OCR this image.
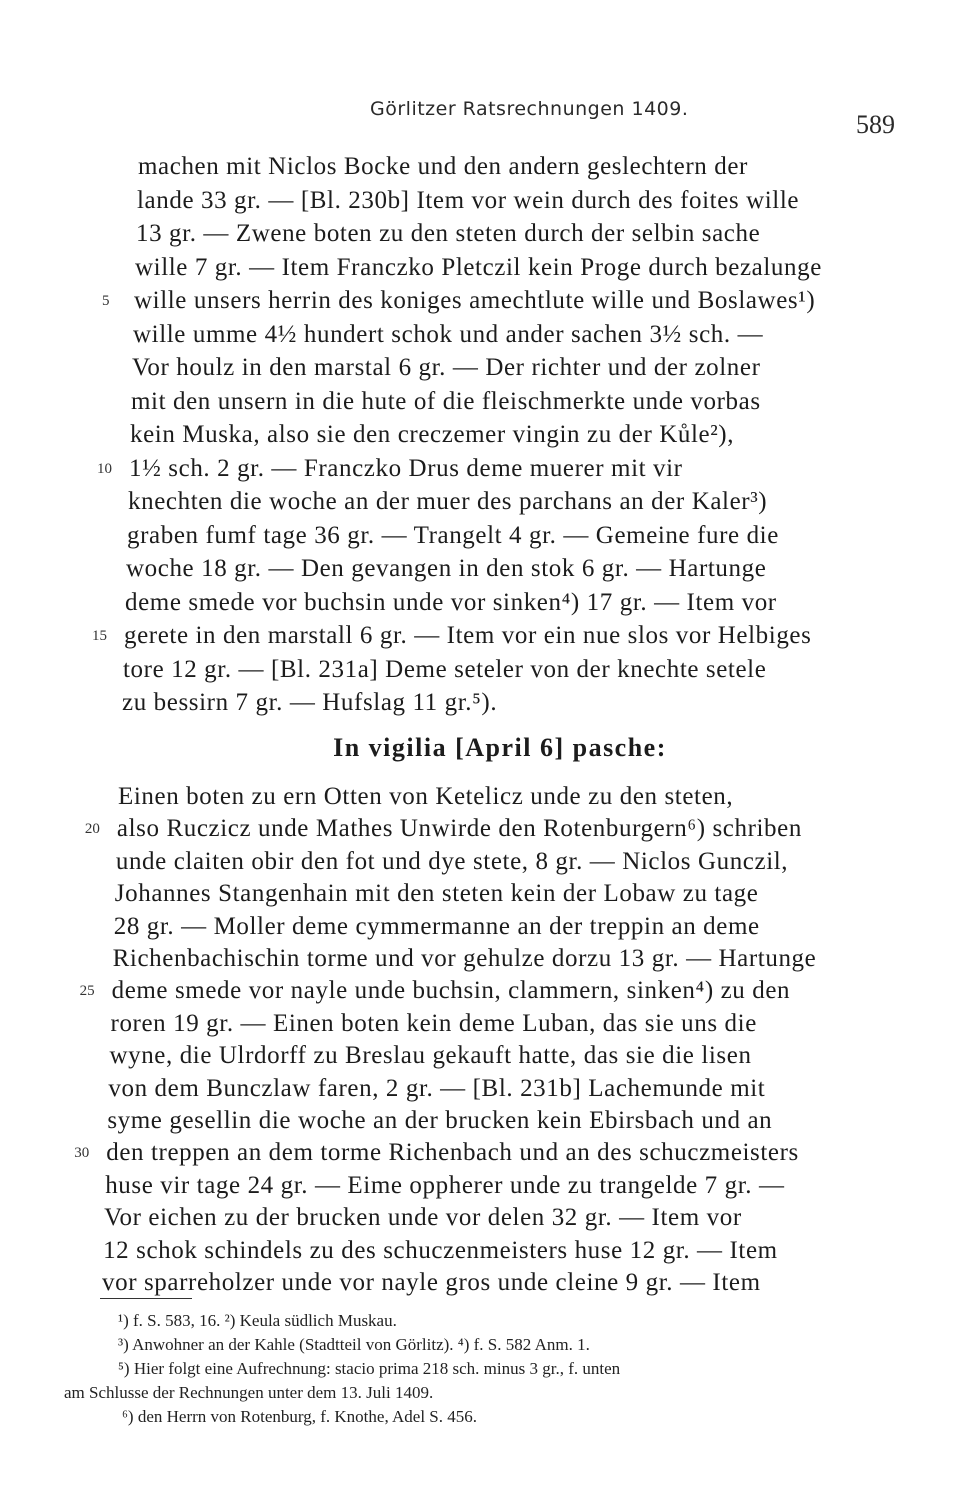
Görlitzer Ratsrechnungen 1409.
589
machen mit Niclos Bocke und den andern geslechtern der
lande 33 gr. — [Bl. 230b] Item vor wein durch des foites wille
13 gr. — Zwene boten zu den steten durch der selbin sache
wille 7 gr. — Item Franczko Pletczil kein Proge durch bezalunge
5 wille unsers herrin des koniges amechtlute wille und Boslawes¹)
wille umme 4½ hundert schok und ander sachen 3½ sch. —
Vor houlz in den marstal 6 gr. — Der richter und der zolner
mit den unsern in die hute of die fleischmerkte unde vorbas
kein Muska, also sie den creczemer vingin zu der Kůle²),
10 1½ sch. 2 gr. — Franczko Drus deme muerer mit vir
knechten die woche an der muer des parchans an der Kaler³)
graben fumf tage 36 gr. — Trangelt 4 gr. — Gemeine fure die
woche 18 gr. — Den gevangen in den stok 6 gr. — Hartunge
deme smede vor buchsin unde vor sinken⁴) 17 gr. — Item vor
15 gerete in den marstall 6 gr. — Item vor ein nue slos vor Helbiges
tore 12 gr. — [Bl. 231a] Deme seteler von der knechte setele
zu bessirn 7 gr. — Hufslag 11 gr.⁵).
In vigilia [April 6] pasche:
Einen boten zu ern Otten von Ketelicz unde zu den steten,
20 also Ruczicz unde Mathes Unwirde den Rotenburgern⁶) schriben
unde claiten obir den fot und dye stete, 8 gr. — Niclos Gunczil,
Johannes Stangenhain mit den steten kein der Lobaw zu tage
28 gr. — Moller deme cymmermanne an der treppin an deme
Richenbachischin torme und vor gehulze dorzu 13 gr. — Hartunge
25 deme smede vor nayle unde buchsin, clammern, sinken⁴) zu den
roren 19 gr. — Einen boten kein deme Luban, das sie uns die
wyne, die Ulrdorff zu Breslau gekauft hatte, das sie die lisen
von dem Bunczlaw faren, 2 gr. — [Bl. 231b] Lachemunde mit
syme gesellin die woche an der brucken kein Ebirsbach und an
30 den treppen an dem torme Richenbach und an des schuczmeisters
huse vir tage 24 gr. — Eime oppherer unde zu trangelde 7 gr. —
Vor eichen zu der brucken unde vor delen 32 gr. — Item vor
12 schok schindels zu des schuczenmeisters huse 12 gr. — Item
vor sparreholzer unde vor nayle gros unde cleine 9 gr. — Item
¹) f. S. 583, 16. ²) Keula südlich Muskau.
³) Anwohner an der Kahle (Stadtteil von Görlitz). ⁴) f. S. 582 Anm. 1.
⁵) Hier folgt eine Aufrechnung: stacio prima 218 sch. minus 3 gr., f. unten
am Schlusse der Rechnungen unter dem 13. Juli 1409.
⁶) den Herrn von Rotenburg, f. Knothe, Adel S. 456.
